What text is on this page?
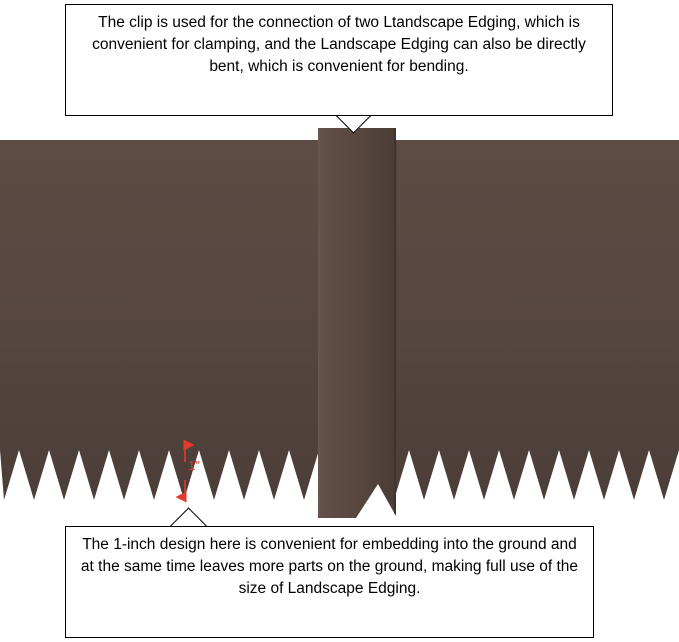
1"
The clip is used for the connection of two Ltandscape Edging, which is convenient for clamping, and the Landscape Edging can also be directly bent, which is convenient for bending.
The 1-inch design here is convenient for embedding into the ground and at the same time leaves more parts on the ground, making full use of the size of Landscape Edging.
